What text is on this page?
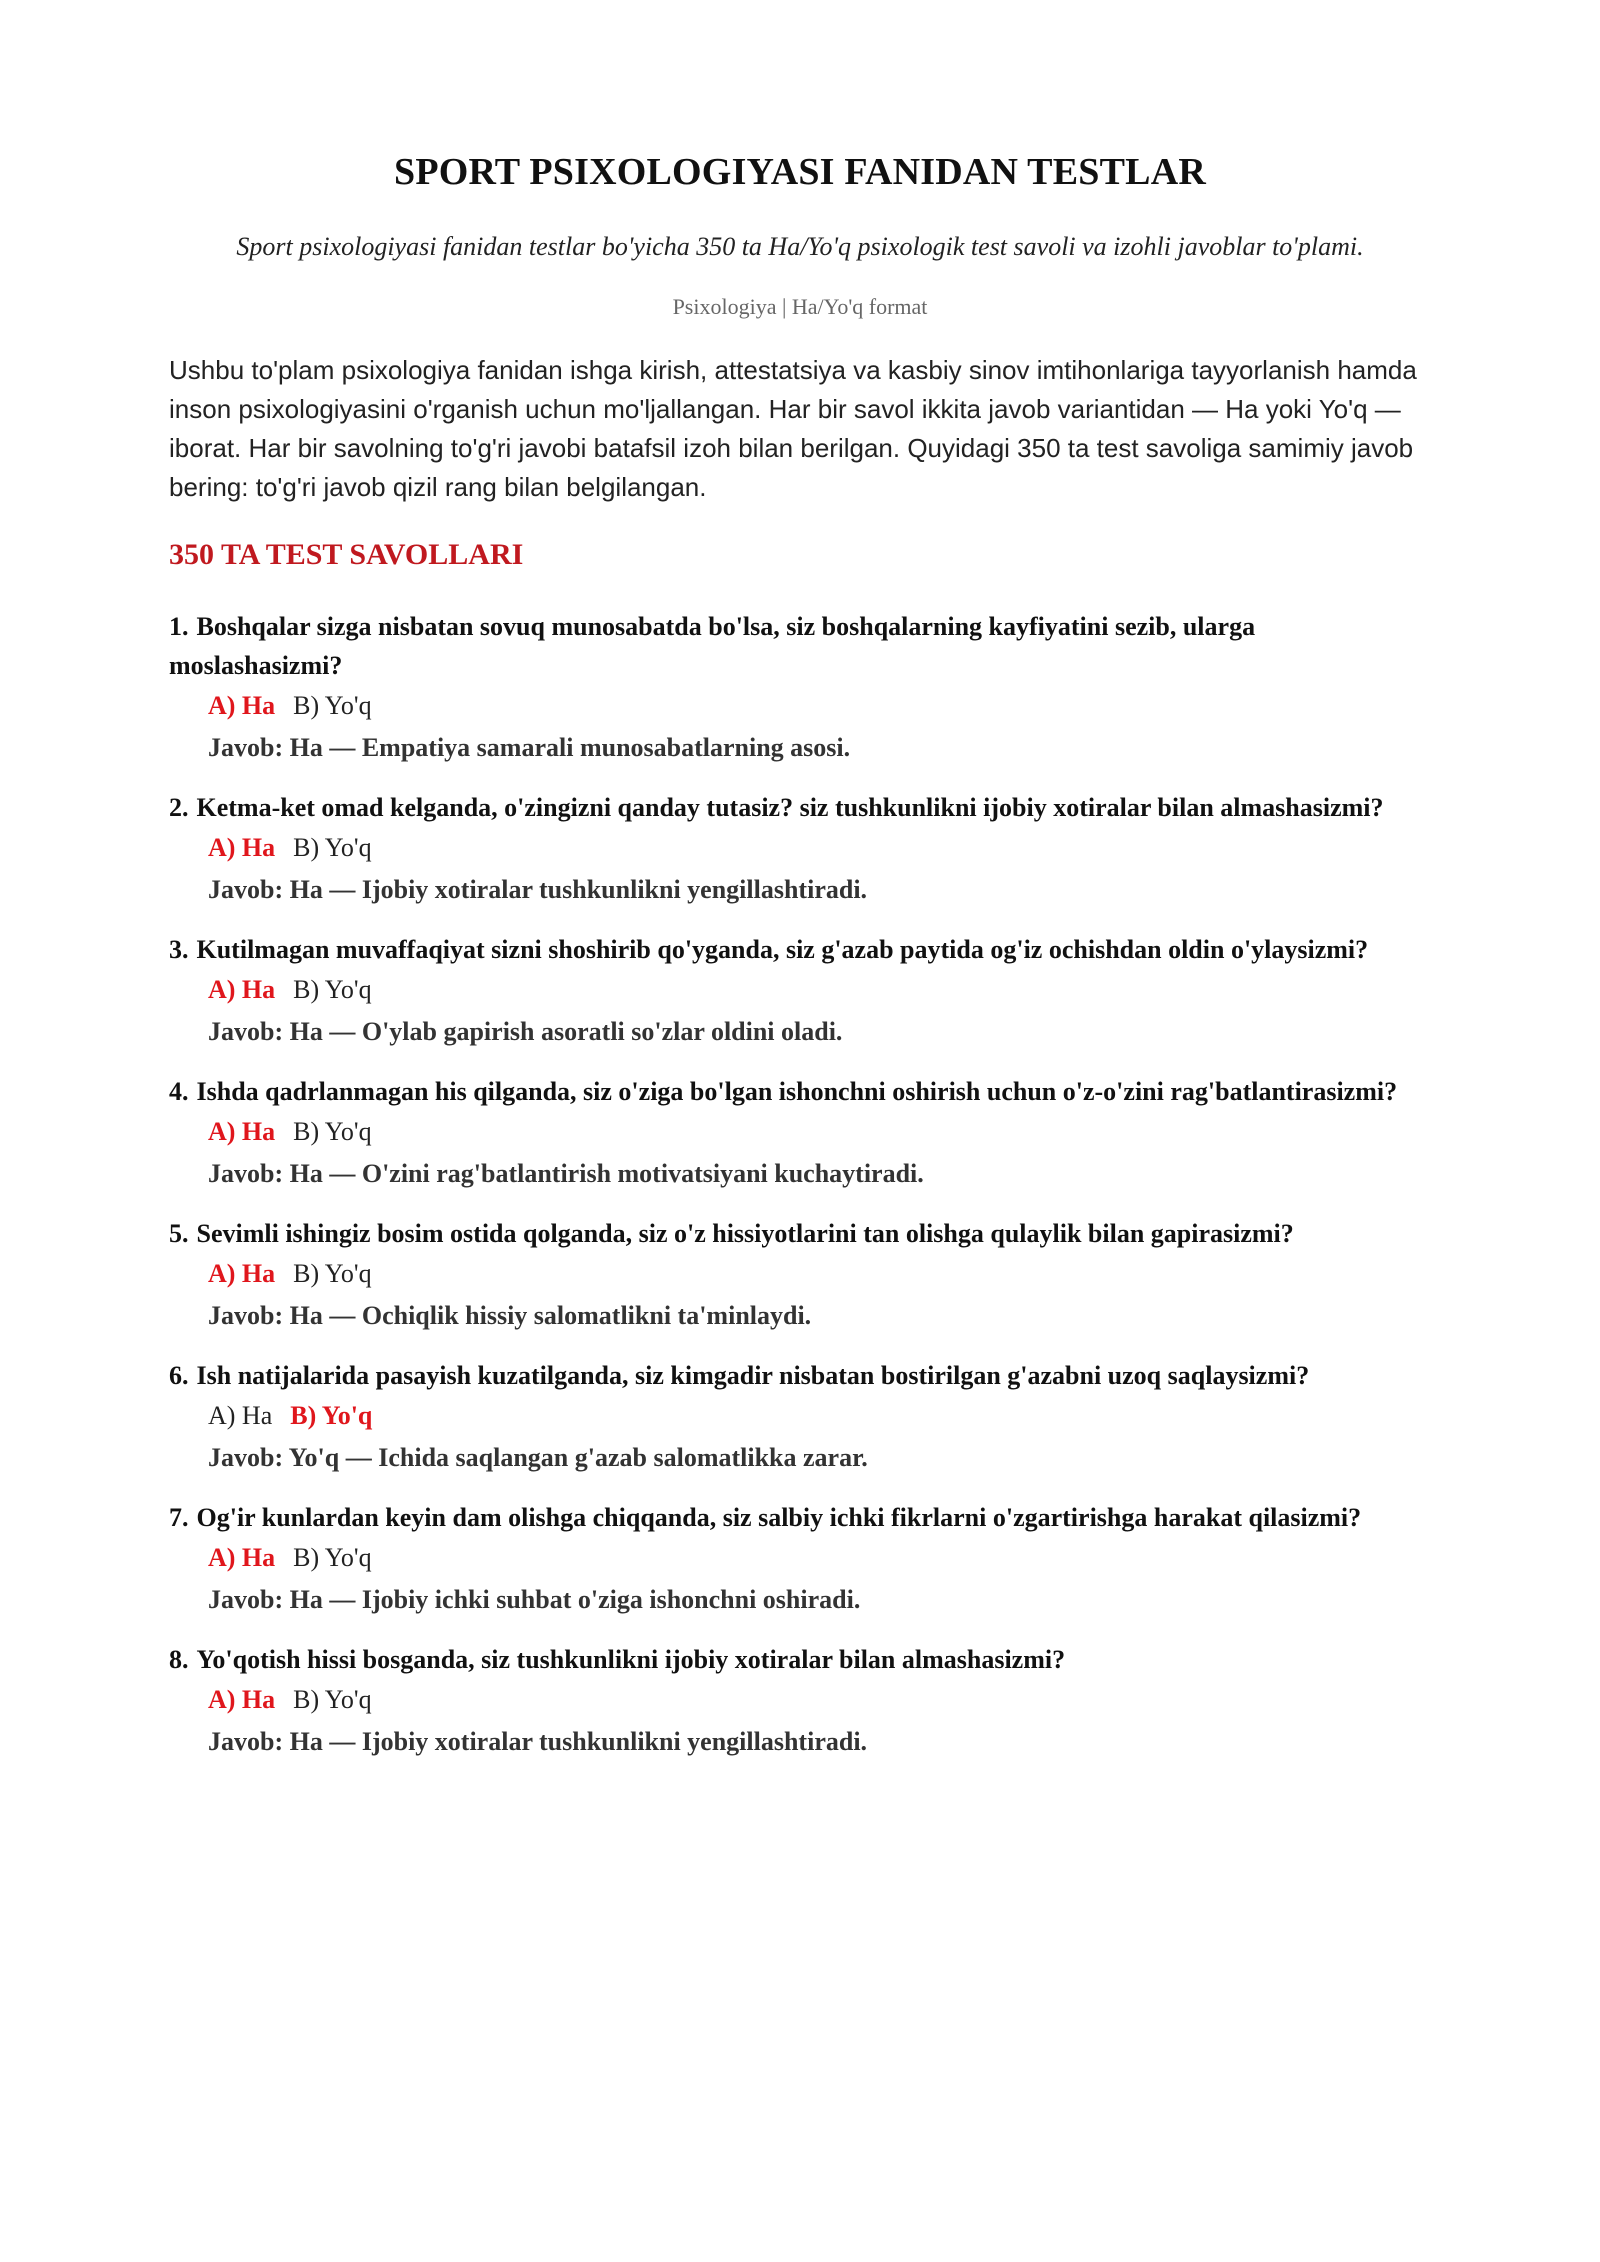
SPORT PSIXOLOGIYASI FANIDAN TESTLAR

Sport psixologiyasi fanidan testlar bo'yicha 350 ta Ha/Yo'q psixologik test savoli va izohli javoblar to'plami.

Psixologiya | Ha/Yo'q format

Ushbu to'plam psixologiya fanidan ishga kirish, attestatsiya va kasbiy sinov imtihonlariga tayyorlanish hamda inson psixologiyasini o'rganish uchun mo'ljallangan. Har bir savol ikkita javob variantidan — Ha yoki Yo'q — iborat. Har bir savolning to'g'ri javobi batafsil izoh bilan berilgan. Quyidagi 350 ta test savoliga samimiy javob bering: to'g'ri javob qizil rang bilan belgilangan.

350 TA TEST SAVOLLARI
1. Boshqalar sizga nisbatan sovuq munosabatda bo'lsa, siz boshqalarning kayfiyatini sezib, ularga moslashasizmi?
A) Ha B) Yo'q
Javob: Ha — Empatiya samarali munosabatlarning asosi.
2. Ketma-ket omad kelganda, o'zingizni qanday tutasiz? siz tushkunlikni ijobiy xotiralar bilan almashasizmi?
A) Ha B) Yo'q
Javob: Ha — Ijobiy xotiralar tushkunlikni yengillashtiradi.
3. Kutilmagan muvaffaqiyat sizni shoshirib qo'yganda, siz g'azab paytida og'iz ochishdan oldin o'ylaysizmi?
A) Ha B) Yo'q
Javob: Ha — O'ylab gapirish asoratli so'zlar oldini oladi.
4. Ishda qadrlanmagan his qilganda, siz o'ziga bo'lgan ishonchni oshirish uchun o'z-o'zini rag'batlantirasizmi?
A) Ha B) Yo'q
Javob: Ha — O'zini rag'batlantirish motivatsiyani kuchaytiradi.
5. Sevimli ishingiz bosim ostida qolganda, siz o'z hissiyotlarini tan olishga qulaylik bilan gapirasizmi?
A) Ha B) Yo'q
Javob: Ha — Ochiqlik hissiy salomatlikni ta'minlaydi.
6. Ish natijalarida pasayish kuzatilganda, siz kimgadir nisbatan bostirilgan g'azabni uzoq saqlaysizmi?
A) Ha B) Yo'q
Javob: Yo'q — Ichida saqlangan g'azab salomatlikka zarar.
7. Og'ir kunlardan keyin dam olishga chiqqanda, siz salbiy ichki fikrlarni o'zgartirishga harakat qilasizmi?
A) Ha B) Yo'q
Javob: Ha — Ijobiy ichki suhbat o'ziga ishonchni oshiradi.
8. Yo'qotish hissi bosganda, siz tushkunlikni ijobiy xotiralar bilan almashasizmi?
A) Ha B) Yo'q
Javob: Ha — Ijobiy xotiralar tushkunlikni yengillashtiradi.
